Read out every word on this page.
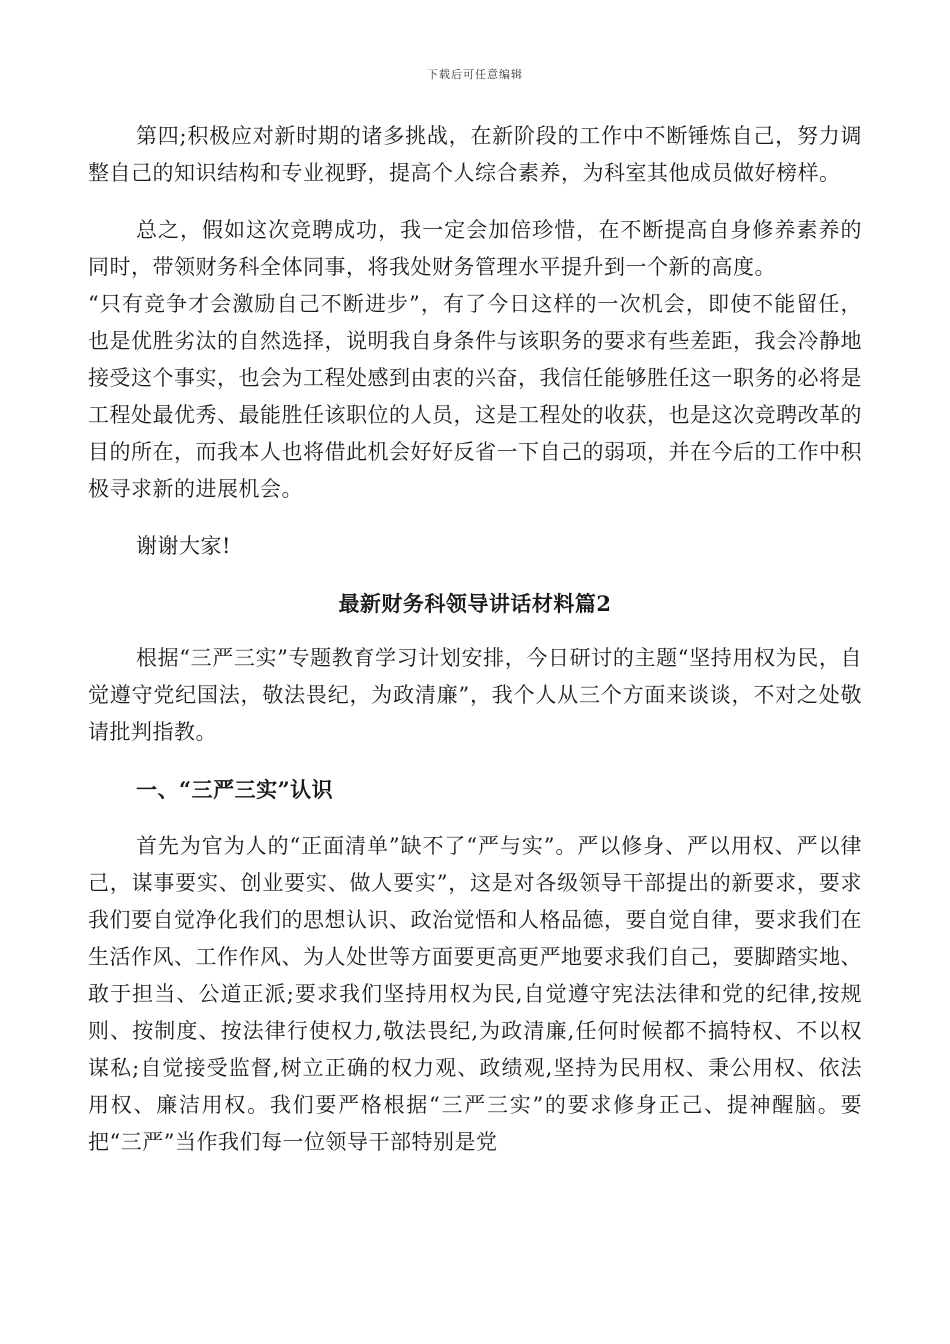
下载后可任意编辑

第四;积极应对新时期的诸多挑战，在新阶段的工作中不断锤炼自己，努力调整自己的知识结构和专业视野，提高个人综合素养，为科室其他成员做好榜样。

总之，假如这次竞聘成功，我一定会加倍珍惜，在不断提高自身修养素养的同时，带领财务科全体同事，将我处财务管理水平提升到一个新的高度。

“只有竞争才会激励自己不断进步”，有了今日这样的一次机会，即使不能留任，也是优胜劣汰的自然选择，说明我自身条件与该职务的要求有些差距，我会冷静地接受这个事实，也会为工程处感到由衷的兴奋，我信任能够胜任这一职务的必将是工程处最优秀、最能胜任该职位的人员，这是工程处的收获，也是这次竞聘改革的目的所在，而我本人也将借此机会好好反省一下自己的弱项，并在今后的工作中积极寻求新的进展机会。

谢谢大家!

最新财务科领导讲话材料篇2

根据“三严三实”专题教育学习计划安排，今日研讨的主题“坚持用权为民，自觉遵守党纪国法，敬法畏纪，为政清廉”，我个人从三个方面来谈谈，不对之处敬请批判指教。

一、“三严三实”认识

首先为官为人的“正面清单”缺不了“严与实”。严以修身、严以用权、严以律己，谋事要实、创业要实、做人要实”，这是对各级领导干部提出的新要求，要求我们要自觉净化我们的思想认识、政治觉悟和人格品德，要自觉自律，要求我们在生活作风、工作作风、为人处世等方面要更高更严地要求我们自己，要脚踏实地、敢于担当、公道正派;要求我们坚持用权为民,自觉遵守宪法法律和党的纪律,按规则、按制度、按法律行使权力,敬法畏纪,为政清廉,任何时候都不搞特权、不以权谋私;自觉接受监督,树立正确的权力观、政绩观,坚持为民用权、秉公用权、依法用权、廉洁用权。我们要严格根据“三严三实”的要求修身正己、提神醒脑。要把“三严”当作我们每一位领导干部特别是党
